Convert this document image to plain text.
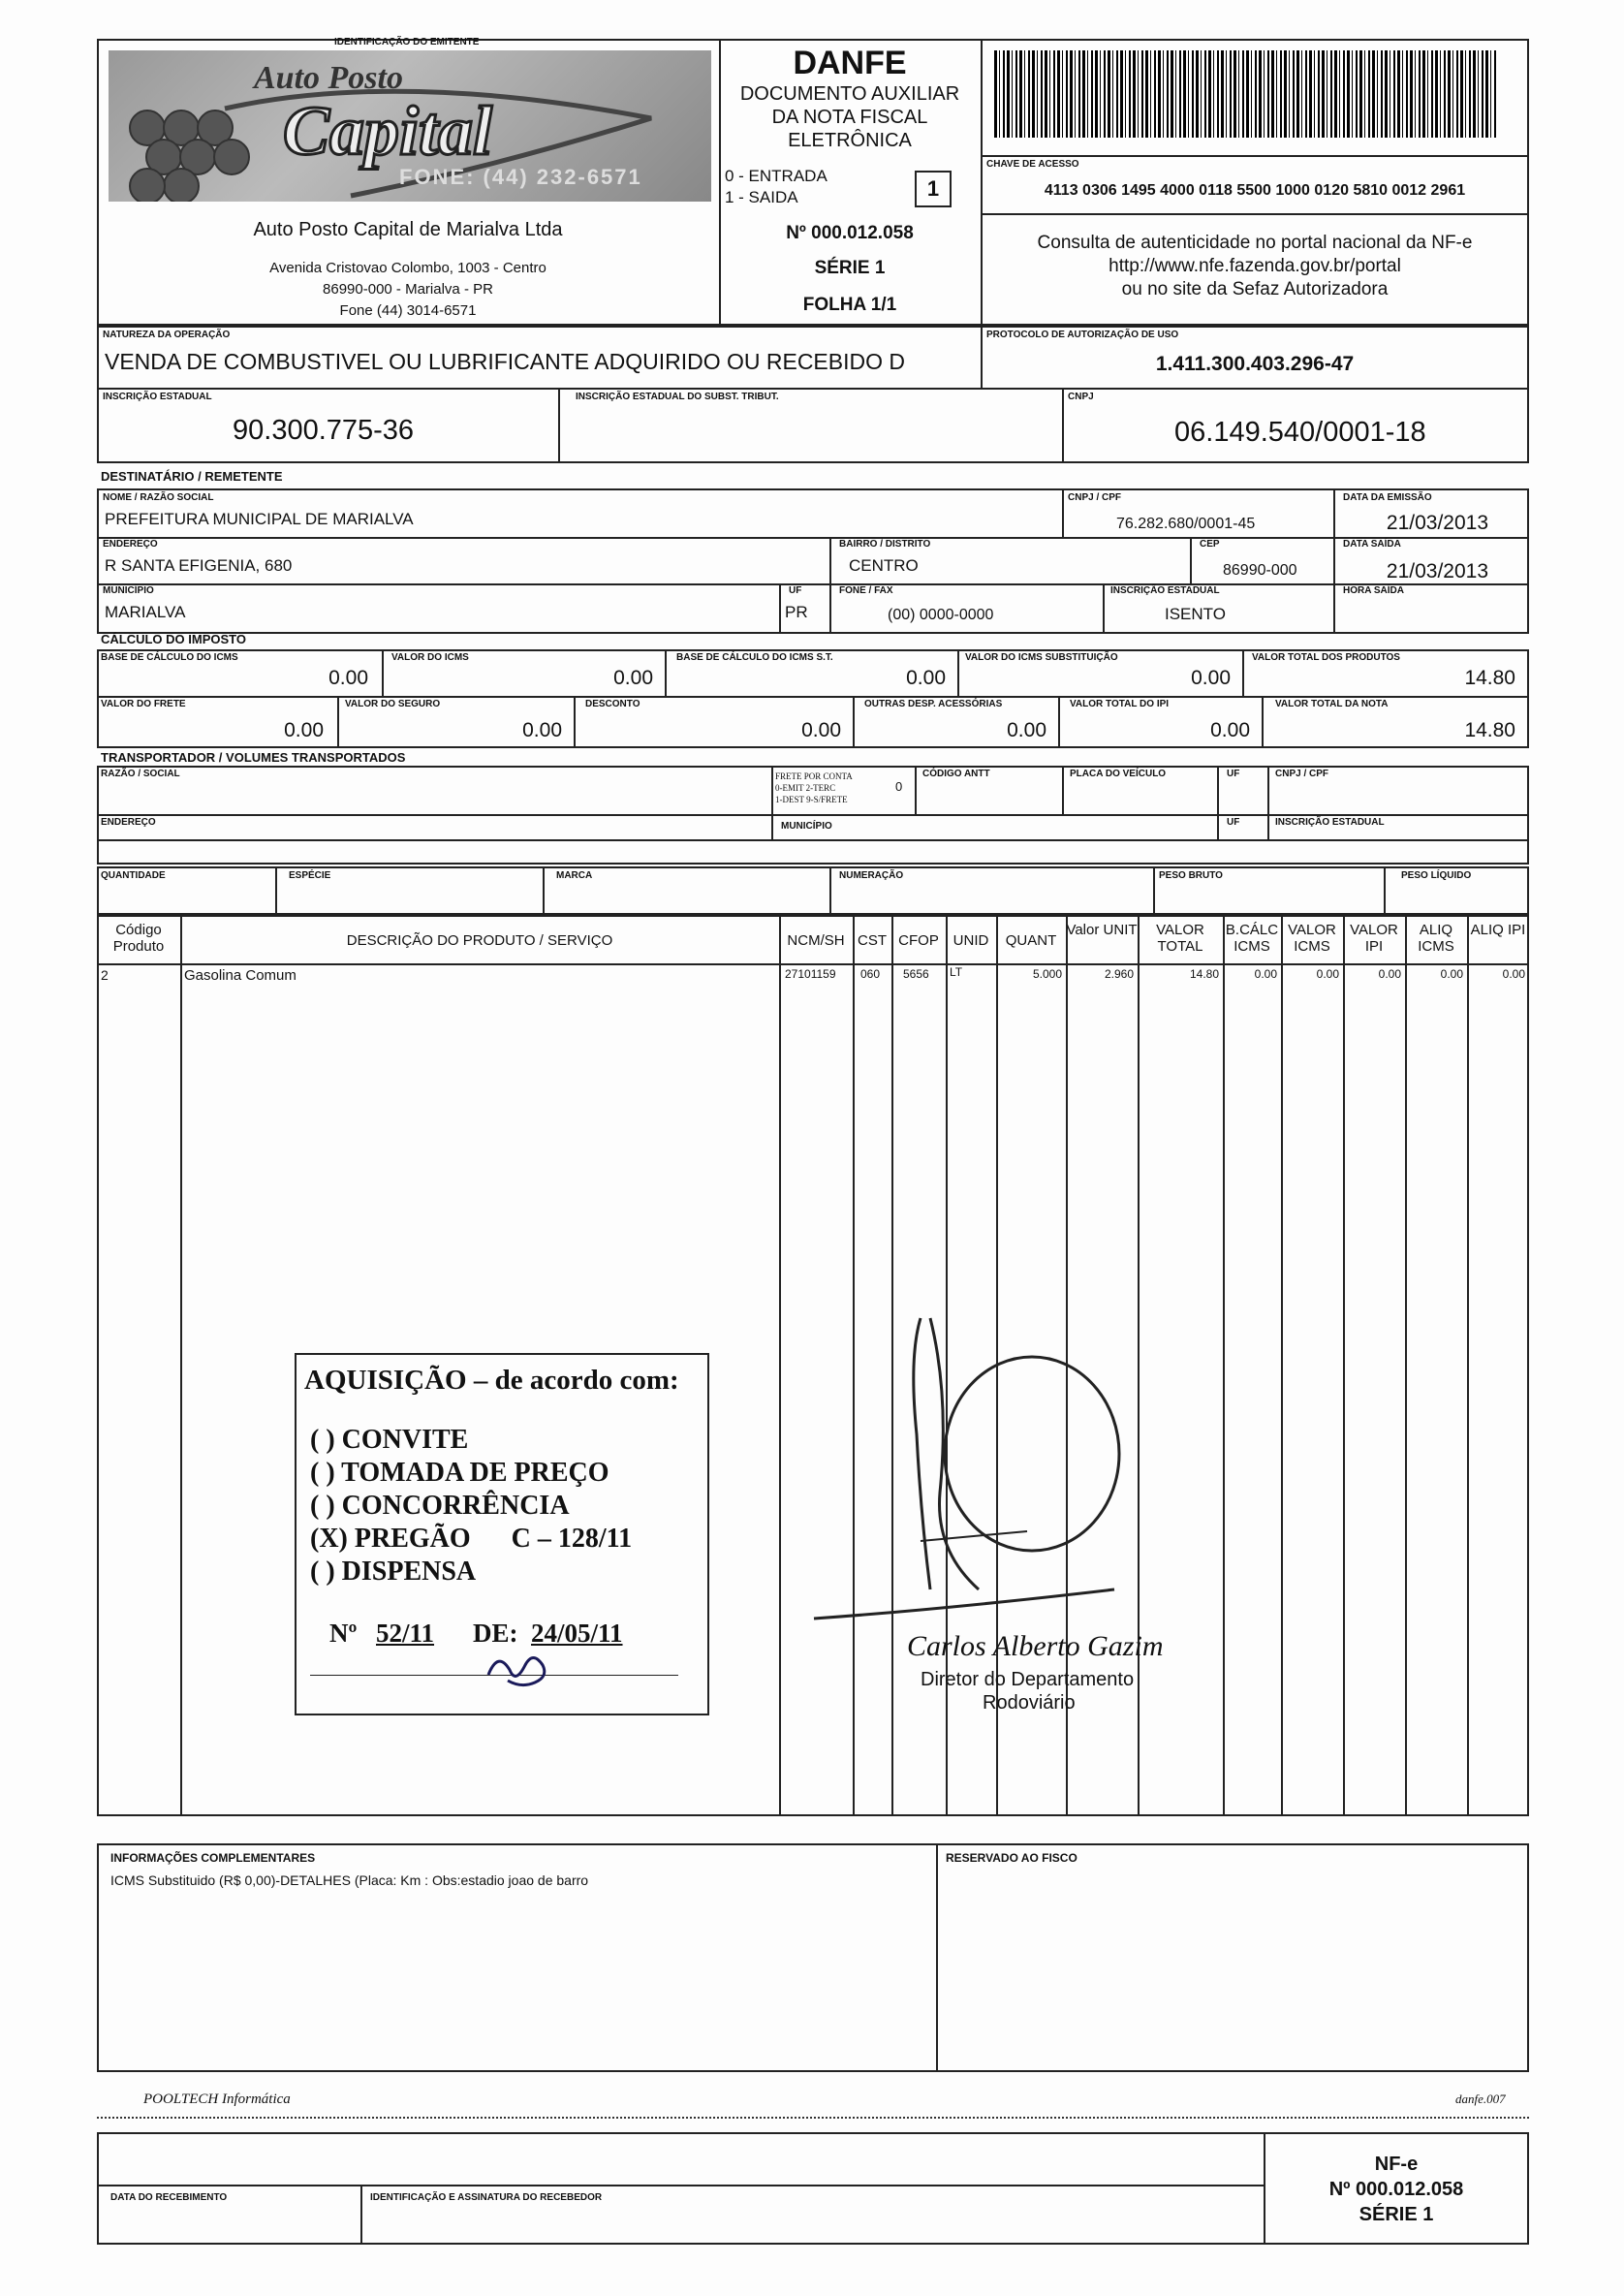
IDENTIFICAÇÃO DO EMITENTE
Auto Posto
Capital
FONE: (44) 232-6571
Auto Posto Capital de Marialva Ltda
Avenida Cristovao Colombo, 1003 - Centro
86990-000 - Marialva - PR
Fone (44) 3014-6571
DANFE
DOCUMENTO AUXILIAR
DA NOTA FISCAL
ELETRÔNICA
0 - ENTRADA
1 - SAIDA	1
Nº 000.012.058
SÉRIE 1
FOLHA 1/1
CHAVE DE ACESSO
4113 0306 1495 4000 0118 5500 1000 0120 5810 0012 2961
Consulta de autenticidade no portal nacional da NF-e
http://www.nfe.fazenda.gov.br/portal
ou no site da Sefaz Autorizadora
NATUREZA DA OPERAÇÃO
VENDA DE COMBUSTIVEL OU LUBRIFICANTE ADQUIRIDO OU RECEBIDO D
PROTOCOLO DE AUTORIZAÇÃO DE USO
1.411.300.403.296-47
INSCRIÇÃO ESTADUAL
90.300.775-36
INSCRIÇÃO ESTADUAL DO SUBST. TRIBUT.	CNPJ
06.149.540/0001-18
DESTINATÁRIO / REMETENTE
NOME / RAZÃO SOCIAL
PREFEITURA MUNICIPAL DE MARIALVA
CNPJ / CPF
76.282.680/0001-45
DATA DA EMISSÃO
21/03/2013
ENDEREÇO
R SANTA EFIGENIA, 680
BAIRRO / DISTRITO
CENTRO
CEP
86990-000
DATA SAÍDA
21/03/2013
MUNICÍPIO
MARIALVA
UF
PR
FONE / FAX
(00) 0000-0000
INSCRIÇÃO ESTADUAL
ISENTO
HORA SAÍDA
CÁLCULO DO IMPOSTO
BASE DE CÁLCULO DO ICMS
0.00
VALOR DO ICMS
0.00
BASE DE CÁLCULO DO ICMS S.T.
0.00
VALOR DO ICMS SUBSTITUIÇÃO
0.00
VALOR TOTAL DOS PRODUTOS
14.80
VALOR DO FRETE
0.00
VALOR DO SEGURO
0.00
DESCONTO
0.00
OUTRAS DESP. ACESSÓRIAS
0.00
VALOR TOTAL DO IPI
0.00
VALOR TOTAL DA NOTA
14.80
TRANSPORTADOR / VOLUMES TRANSPORTADOS
RAZÃO / SOCIAL	FRETE POR CONTA
0-EMIT 2-TERC
1-DEST 9-S/FRETE
0
CÓDIGO ANTT	PLACA DO VEÍCULO	UF	CNPJ / CPF
ENDEREÇO	MUNICÍPIO	UF	INSCRIÇÃO ESTADUAL
QUANTIDADE	ESPÉCIE	MARCA	NUMERAÇÃO	PESO BRUTO	PESO LÍQUIDO
Código Produto	DESCRIÇÃO DO PRODUTO / SERVIÇO	NCM/SH CST CFOP UNID	QUANT
Valor UNIT	VALOR TOTAL
B.CÁLC ICMS
VALOR ICMS
VALOR IPI
ALIQ ICMS
ALIQ IPI
2	Gasolina Comum	27101159 060 5656 LT	5.000	2.960	14.80	0.00	0.00	0.00	0.00	0.00
AQUISIÇÃO – de acordo com:
( ) CONVITE
( ) TOMADA DE PREÇO
( ) CONCORRÊNCIA
(X) PREGÃO      C – 128/11
( ) DISPENSA
Nº 52/11 DE: 24/05/11	Carlos Alberto Gazim
Diretor do Departamento
Rodoviário
INFORMAÇÕES COMPLEMENTARES
ICMS Substituido (R$ 0,00)-DETALHES (Placa: Km : Obs:estadio joao de barro
RESERVADO AO FISCO
POOLTECH Informática	danfe.007
DATA DO RECEBIMENTO	IDENTIFICAÇÃO E ASSINATURA DO RECEBEDOR
NF-e
Nº 000.012.058
SÉRIE 1
